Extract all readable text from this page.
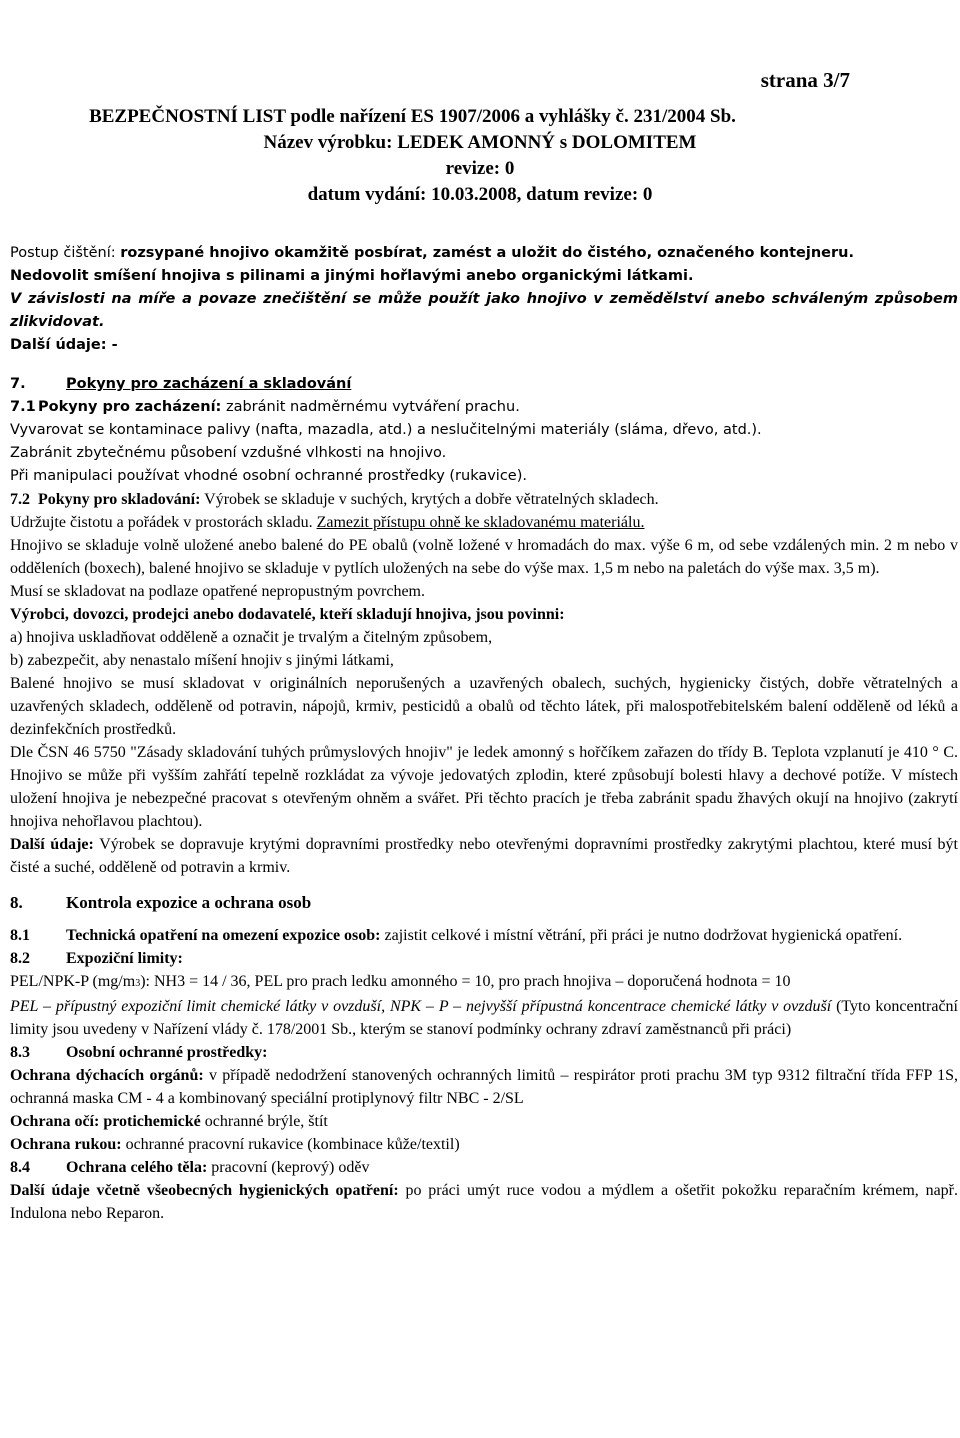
strana 3/7
BEZPEČNOSTNÍ LIST podle nařízení ES 1907/2006 a vyhlášky č. 231/2004 Sb.
Název výrobku: LEDEK AMONNÝ s DOLOMITEM
revize: 0
datum vydání: 10.03.2008, datum revize: 0

Postup čištění: rozsypané hnojivo okamžitě posbírat, zamést a uložit do čistého, označeného kontejneru.

Nedovolit smíšení hnojiva s pilinami a jinými hořlavými anebo organickými látkami.

V závislosti na míře a povaze znečištění se může použít jako hnojivo v zemědělství anebo schváleným způsobem zlikvidovat.

Další údaje: -

7.	Pokyny pro zacházení a skladování

7.1 Pokyny pro zacházení: zabránit nadměrnému vytváření prachu.

Vyvarovat se kontaminace palivy (nafta, mazadla, atd.) a neslučitelnými materiály (sláma, dřevo, atd.).

Zabránit zbytečnému působení vzdušné vlhkosti na hnojivo.

Při manipulaci používat vhodné osobní ochranné prostředky (rukavice).

7.2 Pokyny pro skladování: Výrobek se skladuje v suchých, krytých a dobře větratelných skladech.

Udržujte čistotu a pořádek v prostorách skladu. Zamezit přístupu ohně ke skladovanému materiálu.

Hnojivo se skladuje volně uložené anebo balené do PE obalů (volně ložené v hromadách do max. výše 6 m, od sebe vzdálených min. 2 m nebo v odděleních (boxech), balené hnojivo se skladuje v pytlích uložených na sebe do výše max. 1,5 m nebo na paletách do výše max. 3,5 m).

Musí se skladovat na podlaze opatřené nepropustným povrchem.

Výrobci, dovozci, prodejci anebo dodavatelé, kteří skladují hnojiva, jsou povinni:

a) hnojiva uskladňovat odděleně a označit je trvalým a čitelným způsobem,

b) zabezpečit, aby nenastalo míšení hnojiv s jinými látkami,

Balené hnojivo se musí skladovat v originálních neporušených a uzavřených obalech, suchých, hygienicky čistých, dobře větratelných a uzavřených skladech, odděleně od potravin, nápojů, krmiv, pesticidů a obalů od těchto látek, při malospotřebitelském balení odděleně od léků a dezinfekčních prostředků.

Dle ČSN 46 5750 "Zásady skladování tuhých průmyslových hnojiv" je ledek amonný s hořčíkem zařazen do třídy B. Teplota vzplanutí je 410 ° C. Hnojivo se může při vyšším zahřátí tepelně rozkládat za vývoje jedovatých zplodin, které způsobují bolesti hlavy a dechové potíže. V místech uložení hnojiva je nebezpečné pracovat s otevřeným ohněm a svářet. Při těchto pracích je třeba zabránit spadu žhavých okují na hnojivo (zakrytí hnojiva nehořlavou plachtou).

Další údaje: Výrobek se dopravuje krytými dopravními prostředky nebo otevřenými dopravními prostředky zakrytými plachtou, které musí být čisté a suché, odděleně od potravin a krmiv.

8.	Kontrola expozice a ochrana osob

8.1 Technická opatření na omezení expozice osob: zajistit celkové i místní větrání, při práci je nutno dodržovat hygienická opatření.

8.2 Expoziční limity:

PEL/NPK-P (mg/m3): NH3 = 14 / 36, PEL pro prach ledku amonného = 10, pro prach hnojiva – doporučená hodnota = 10

PEL – přípustný expoziční limit chemické látky v ovzduší, NPK – P – nejvyšší přípustná koncentrace chemické látky v ovzduší (Tyto koncentrační limity jsou uvedeny v Nařízení vlády č. 178/2001 Sb., kterým se stanoví podmínky ochrany zdraví zaměstnanců při práci)

8.3 Osobní ochranné prostředky:

Ochrana dýchacích orgánů: v případě nedodržení stanovených ochranných limitů – respirátor proti prachu 3M typ 9312 filtrační třída FFP 1S, ochranná maska CM - 4 a kombinovaný speciální protiplynový filtr NBC - 2/SL

Ochrana očí: protichemické ochranné brýle, štít

Ochrana rukou: ochranné pracovní rukavice (kombinace kůže/textil)

8.4 Ochrana celého těla: pracovní (keprový) oděv

Další údaje včetně všeobecných hygienických opatření: po práci umýt ruce vodou a mýdlem a ošetřit pokožku reparačním krémem, např. Indulona nebo Reparon.
